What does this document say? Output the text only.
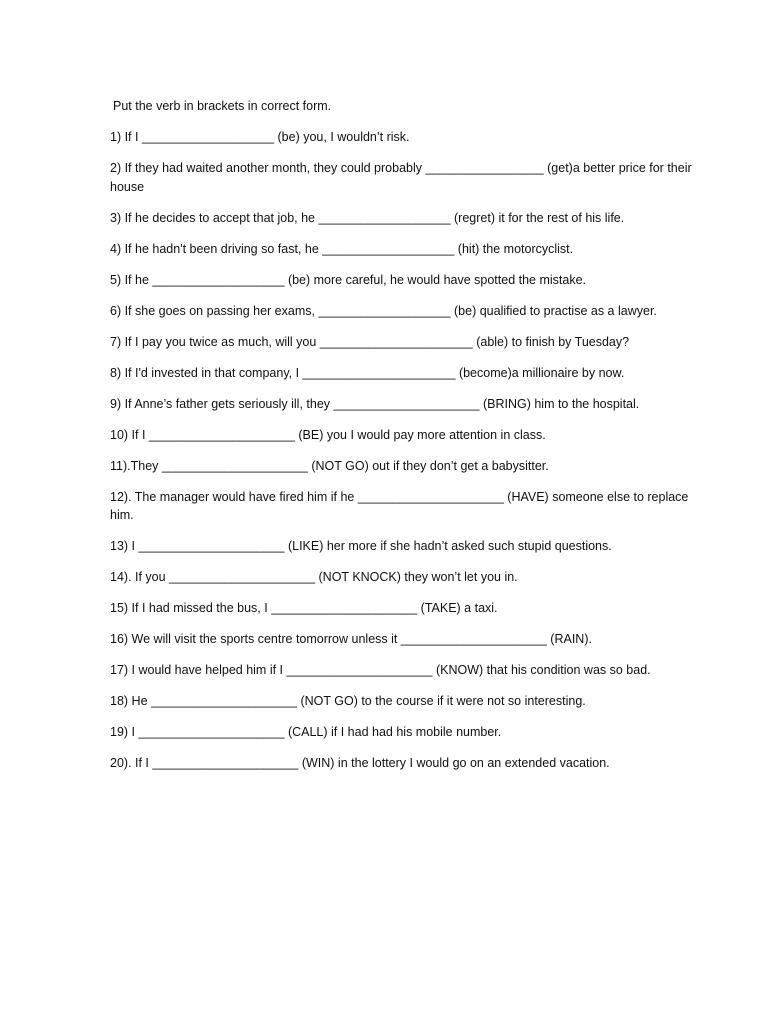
Put the verb in brackets in correct form.

1) If I ___________________ (be) you, I wouldn’t risk.
2) If they had waited another month, they could probably _________________ (get)a better price for their house
3) If he decides to accept that job, he ___________________ (regret) it for the rest of his life.
4) If he hadn't been driving so fast, he ___________________ (hit) the motorcyclist.
5) If he ___________________ (be) more careful, he would have spotted the mistake.
6) If she goes on passing her exams, ___________________ (be) qualified to practise as a lawyer.
7) If I pay you twice as much, will you ______________________ (able) to finish by Tuesday?
8) If I'd invested in that company, I ______________________ (become)a millionaire by now.
9) If Anne’s father gets seriously ill, they _____________________ (BRING) him to the hospital.
10) If I _____________________ (BE) you I would pay more attention in class.
11).They _____________________ (NOT GO) out if they don’t get a babysitter.
12). The manager would have fired him if he _____________________ (HAVE) someone else to replace him.
13) I _____________________ (LIKE) her more if she hadn’t asked such stupid questions.
14). If you _____________________ (NOT KNOCK) they won’t let you in.
15) If I had missed the bus, I _____________________ (TAKE) a taxi.
16) We will visit the sports centre tomorrow unless it _____________________ (RAIN).
17) I would have helped him if I _____________________ (KNOW) that his condition was so bad.
18) He _____________________ (NOT GO) to the course if it were not so interesting.
19) I _____________________ (CALL) if I had had his mobile number.
20). If I _____________________ (WIN) in the lottery I would go on an extended vacation.
